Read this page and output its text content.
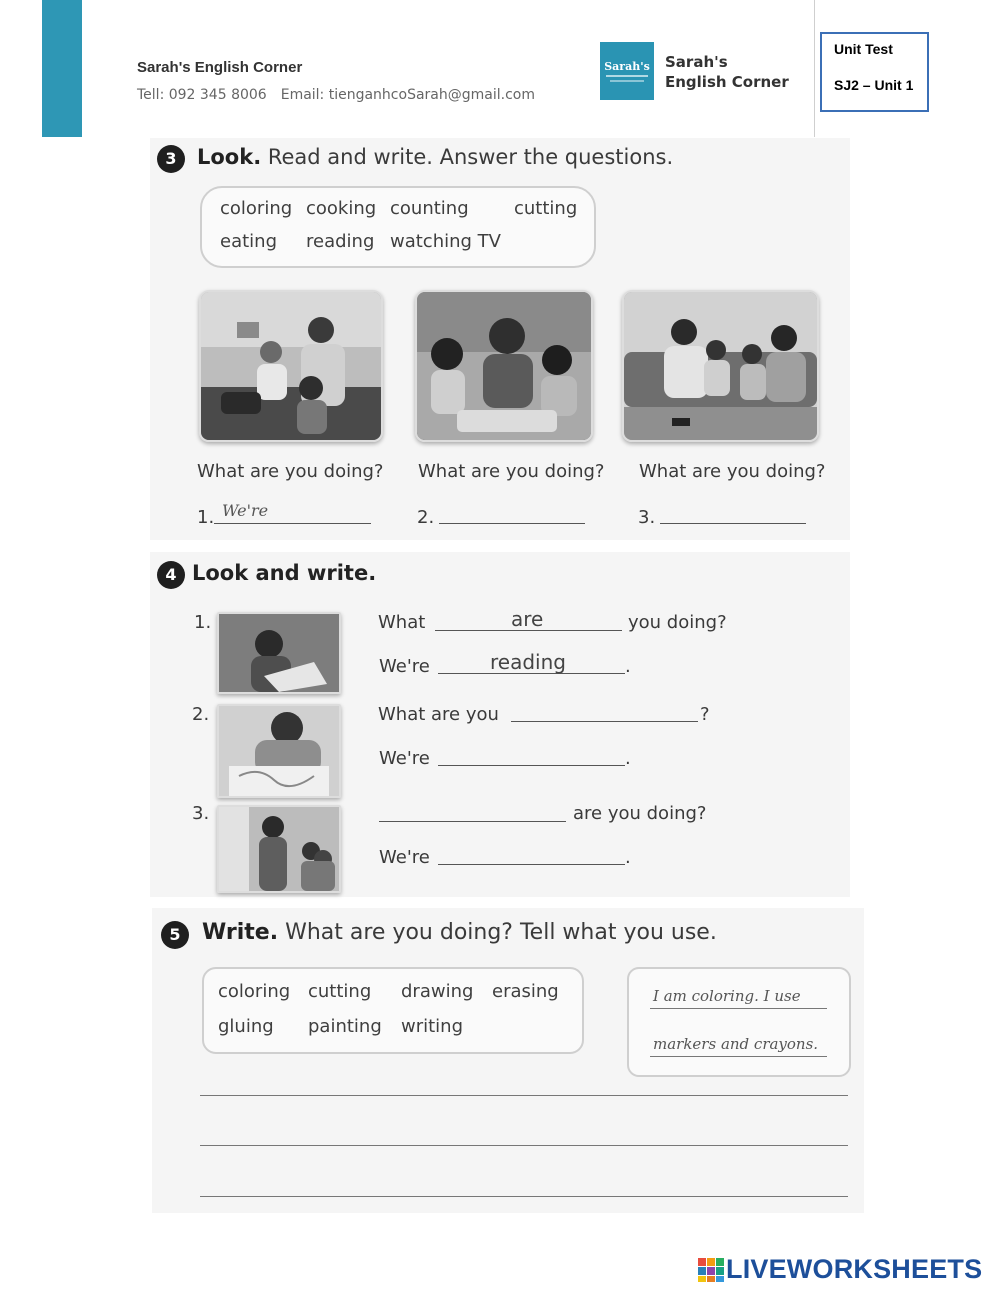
Sarah's English Corner
Tell: 092 345 8006 Email: tienganhcoSarah@gmail.com
Sarah's Sarah's
English Corner
Unit Test
SJ2 – Unit 1
3 Look. Read and write. Answer the questions.
coloring cooking counting	cutting
eating reading watching TV
What are you doing? What are you doing? What are you doing?
1. We're	2.	3.
4 Look and write.
1.	What	are	you doing?
We're	reading	.
2.	What are you	?
We're	.
3.	are you doing?
We're	.
5 Write. What are you doing? Tell what you use.
coloring cutting drawing erasing
gluing painting writing
I am coloring. I use
markers and crayons.
LIVEWORKSHEETS
